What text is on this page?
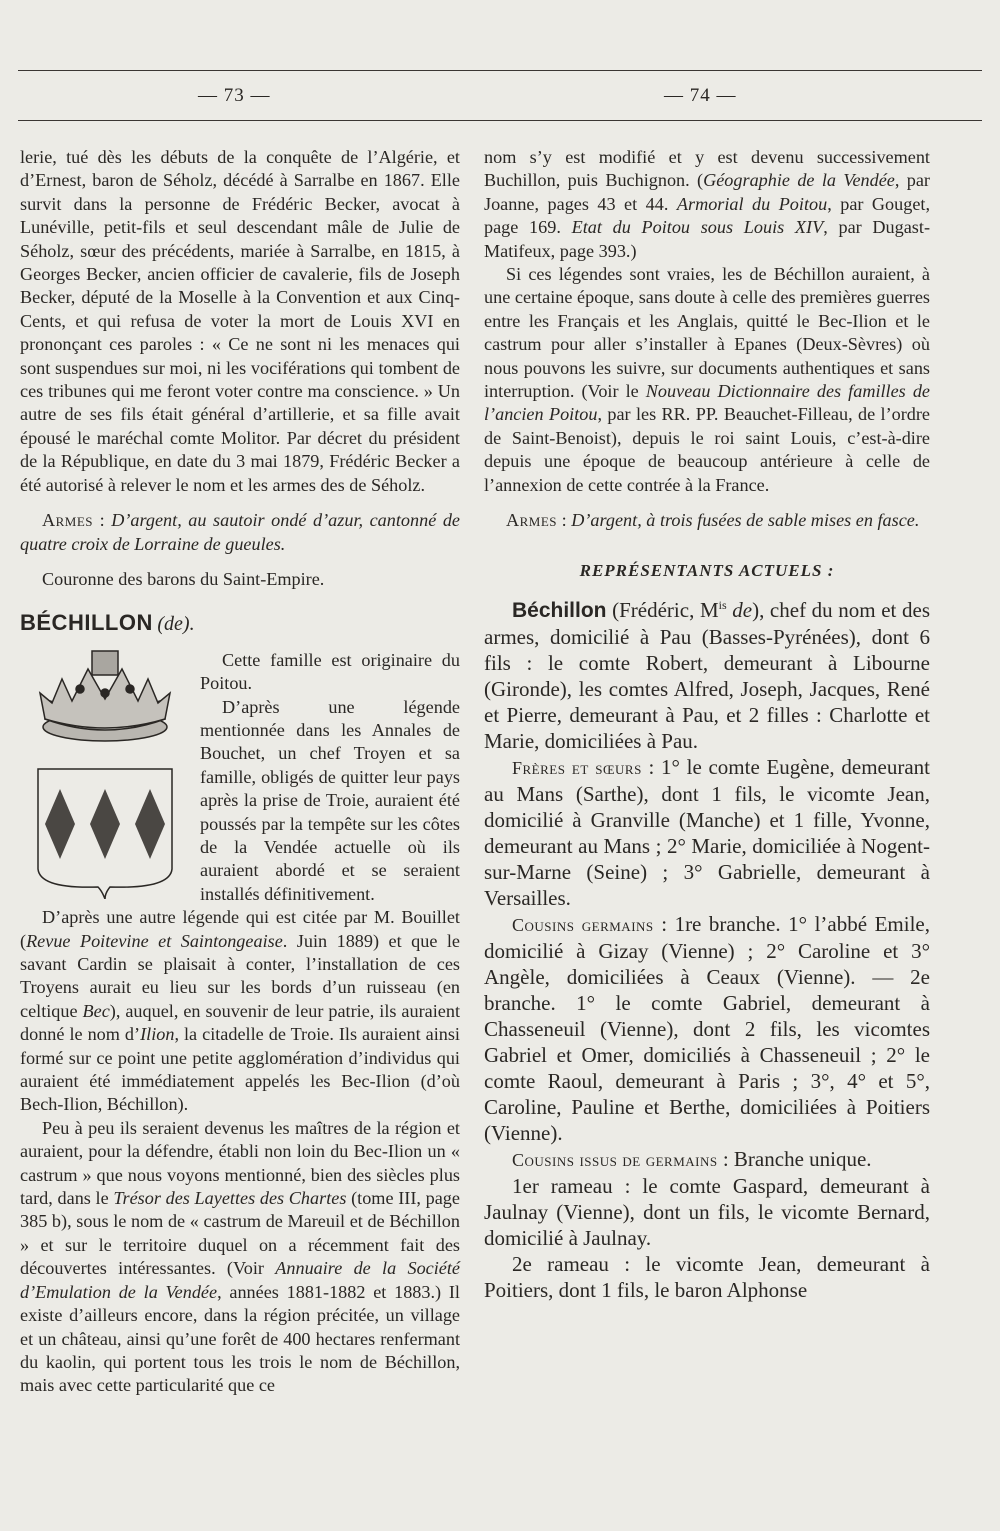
— 73 —	— 74 —

lerie, tué dès les débuts de la conquête de l’Algérie, et d’Ernest, baron de Séholz, décédé à Sarralbe en 1867. Elle survit dans la personne de Frédéric Becker, avocat à Lunéville, petit-fils et seul descendant mâle de Julie de Séholz, sœur des précédents, mariée à Sarralbe, en 1815, à Georges Becker, ancien officier de cavalerie, fils de Joseph Becker, député de la Moselle à la Convention et aux Cinq-Cents, et qui refusa de voter la mort de Louis XVI en prononçant ces paroles : « Ce ne sont ni les menaces qui sont suspendues sur moi, ni les vociférations qui tombent de ces tribunes qui me feront voter contre ma conscience. » Un autre de ses fils était général d’artillerie, et sa fille avait épousé le maréchal comte Molitor. Par décret du président de la République, en date du 3 mai 1879, Frédéric Becker a été autorisé à relever le nom et les armes des de Séholz.

Armes : D’argent, au sautoir ondé d’azur, cantonné de quatre croix de Lorraine de gueules.

Couronne des barons du Saint-Empire.

BÉCHILLON (de).

Cette famille est originaire du Poitou.

D’après une légende mentionnée dans les Annales de Bouchet, un chef Troyen et sa famille, obligés de quitter leur pays après la prise de Troie, auraient été poussés par la tempête sur les côtes de la Vendée actuelle où ils auraient abordé et se seraient installés définitivement.

D’après une autre légende qui est citée par M. Bouillet (Revue Poitevine et Saintongeaise. Juin 1889) et que le savant Cardin se plaisait à conter, l’installation de ces Troyens aurait eu lieu sur les bords d’un ruisseau (en celtique Bec), auquel, en souvenir de leur patrie, ils auraient donné le nom d’Ilion, la citadelle de Troie. Ils auraient ainsi formé sur ce point une petite agglomération d’individus qui auraient été immédiatement appelés les Bec-Ilion (d’où Bech-Ilion, Béchillon).

Peu à peu ils seraient devenus les maîtres de la région et auraient, pour la défendre, établi non loin du Bec-Ilion un « castrum » que nous voyons mentionné, bien des siècles plus tard, dans le Trésor des Layettes des Chartes (tome III, page 385 b), sous le nom de « castrum de Mareuil et de Béchillon » et sur le territoire duquel on a récemment fait des découvertes intéressantes. (Voir Annuaire de la Société d’Emulation de la Vendée, années 1881-1882 et 1883.) Il existe d’ailleurs encore, dans la région précitée, un village et un château, ainsi qu’une forêt de 400 hectares renfermant du kaolin, qui portent tous les trois le nom de Béchillon, mais avec cette particularité que ce

nom s’y est modifié et y est devenu successivement Buchillon, puis Buchignon. (Géographie de la Vendée, par Joanne, pages 43 et 44. Armorial du Poitou, par Gouget, page 169. Etat du Poitou sous Louis XIV, par Dugast-Matifeux, page 393.)

Si ces légendes sont vraies, les de Béchillon auraient, à une certaine époque, sans doute à celle des premières guerres entre les Français et les Anglais, quitté le Bec-Ilion et le castrum pour aller s’installer à Epanes (Deux-Sèvres) où nous pouvons les suivre, sur documents authentiques et sans interruption. (Voir le Nouveau Dictionnaire des familles de l’ancien Poitou, par les RR. PP. Beauchet-Filleau, de l’ordre de Saint-Benoist), depuis le roi saint Louis, c’est-à-dire depuis une époque de beaucoup antérieure à celle de l’annexion de cette contrée à la France.

Armes : D’argent, à trois fusées de sable mises en fasce.

REPRÉSENTANTS ACTUELS :

Béchillon (Frédéric, $M^{is}$ de), chef du nom et des armes, domicilié à Pau (Basses-Pyrénées), dont 6 fils : le comte Robert, demeurant à Libourne (Gironde), les comtes Alfred, Joseph, Jacques, René et Pierre, demeurant à Pau, et 2 filles : Charlotte et Marie, domiciliées à Pau.

Frères et sœurs : 1° le comte Eugène, demeurant au Mans (Sarthe), dont 1 fils, le vicomte Jean, domicilié à Granville (Manche) et 1 fille, Yvonne, demeurant au Mans ; 2° Marie, domiciliée à Nogent-sur-Marne (Seine) ; 3° Gabrielle, demeurant à Versailles.

Cousins germains : 1re branche. 1° l’abbé Emile, domicilié à Gizay (Vienne) ; 2° Caroline et 3° Angèle, domiciliées à Ceaux (Vienne). — 2e branche. 1° le comte Gabriel, demeurant à Chasseneuil (Vienne), dont 2 fils, les vicomtes Gabriel et Omer, domiciliés à Chasseneuil ; 2° le comte Raoul, demeurant à Paris ; 3°, 4° et 5°, Caroline, Pauline et Berthe, domiciliées à Poitiers (Vienne).

Cousins issus de germains : Branche unique.

1er rameau : le comte Gaspard, demeurant à Jaulnay (Vienne), dont un fils, le vicomte Bernard, domicilié à Jaulnay.

2e rameau : le vicomte Jean, demeurant à Poitiers, dont 1 fils, le baron Alphonse
